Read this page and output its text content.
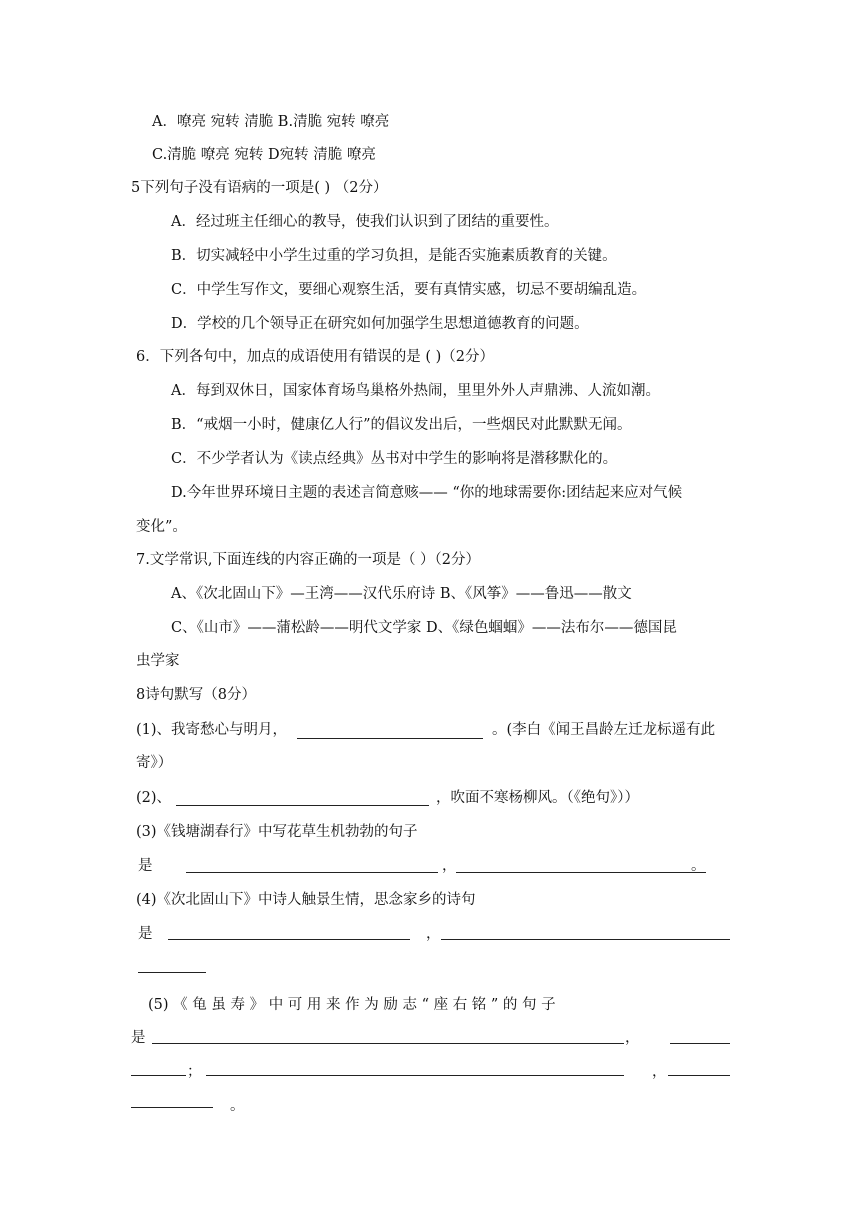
A．嘹亮 宛转 清脆 B.清脆 宛转 嘹亮
C.清脆 嘹亮 宛转 D宛转 清脆 嘹亮
5下列句子没有语病的一项是( ) （2分）
A．经过班主任细心的教导，使我们认识到了团结的重要性。
B．切实减轻中小学生过重的学习负担，是能否实施素质教育的关键。
C．中学生写作文，要细心观察生活，要有真情实感，切忌不要胡编乱造。
D．学校的几个领导正在研究如何加强学生思想道德教育的问题。
6．下列各句中，加点的成语使用有错误的是 ( )（2分）
A．每到双休日，国家体育场鸟巢格外热闹，里里外外人声鼎沸、人流如潮。
B．“戒烟一小时，健康亿人行”的倡议发出后，一些烟民对此默默无闻。
C．不少学者认为《读点经典》丛书对中学生的影响将是潜移默化的。
D.今年世界环境日主题的表述言简意赅—— “你的地球需要你:团结起来应对气候
变化”。
7.文学常识,下面连线的内容正确的一项是（ ）（2分）
A、《次北固山下》—王湾——汉代乐府诗 B、《风筝》——鲁迅——散文
C、《山市》——蒲松龄——明代文学家 D、《绿色蝈蝈》——法布尔——德国昆
虫学家
8诗句默写（8分）
(1)、我寄愁心与明月，	。(李白《闻王昌龄左迁龙标遥有此
寄》）
(2)、	，吹面不寒杨柳风。（《绝句》））
(3)《钱塘湖春行》中写花草生机勃勃的句子
是	，	。
(4)《次北固山下》中诗人触景生情，思念家乡的诗句
是	，
(5) 《 龟 虽 寿 》 中 可 用 来 作 为 励 志 “ 座 右 铭 ” 的 句 子
是	，
；	，
。
